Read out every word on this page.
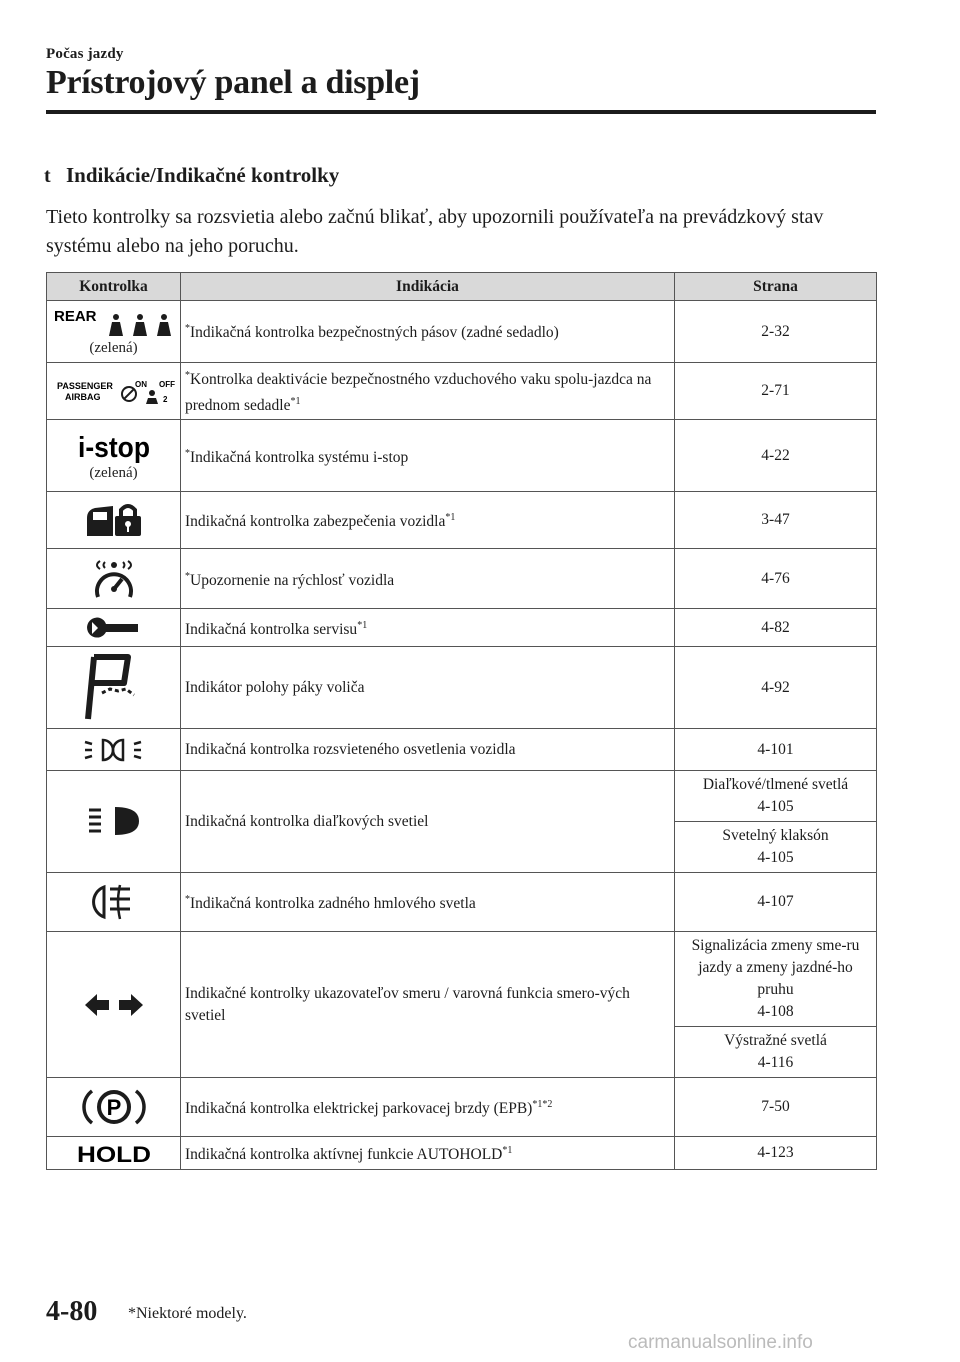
Počas jazdy
Prístrojový panel a displej
t Indikácie/Indikačné kontrolky
Tieto kontrolky sa rozsvietia alebo začnú blikať, aby upozornili používateľa na prevádzkový stav systému alebo na jeho poruchu.
Kontrolka	Indikácia	Strana

REAR
(zelená)	*Indikačná kontrolka bezpečnostných pásov (zadné sedadlo)	2-32

PASSENGER
AIRBAG
ON OFF
2	*Kontrolka deaktivácie bezpečnostného vzduchového vaku spolu-jazdca na prednom sedadle$^{*1}$	2-71

i-stop
(zelená)	*Indikačná kontrolka systému i-stop	4-22

	Indikačná kontrolka zabezpečenia vozidla$^{*1}$	3-47

	*Upozornenie na rýchlosť vozidla	4-76

	Indikačná kontrolka servisu$^{*1}$	4-82

	Indikátor polohy páky voliča	4-92

	Indikačná kontrolka rozsvieteného osvetlenia vozidla	4-101

	Indikačná kontrolka diaľkových svetiel	Diaľkové/tlmené svetlá
4-105
		Svetelný klaksón
4-105

	*Indikačná kontrolka zadného hmlového svetla	4-107

	Indikačné kontrolky ukazovateľov smeru / varovná funkcia smero-vých svetiel	Signalizácia zmeny sme-ru jazdy a zmeny jazdné-ho pruhu
4-108
		Výstražné svetlá
4-116

P	Indikačná kontrolka elektrickej parkovacej brzdy (EPB)$^{*1*2}$	7-50

HOLD	Indikačná kontrolka aktívnej funkcie AUTOHOLD$^{*1}$	4-123
4-80 *Niektoré modely.
carmanualsonline.info
